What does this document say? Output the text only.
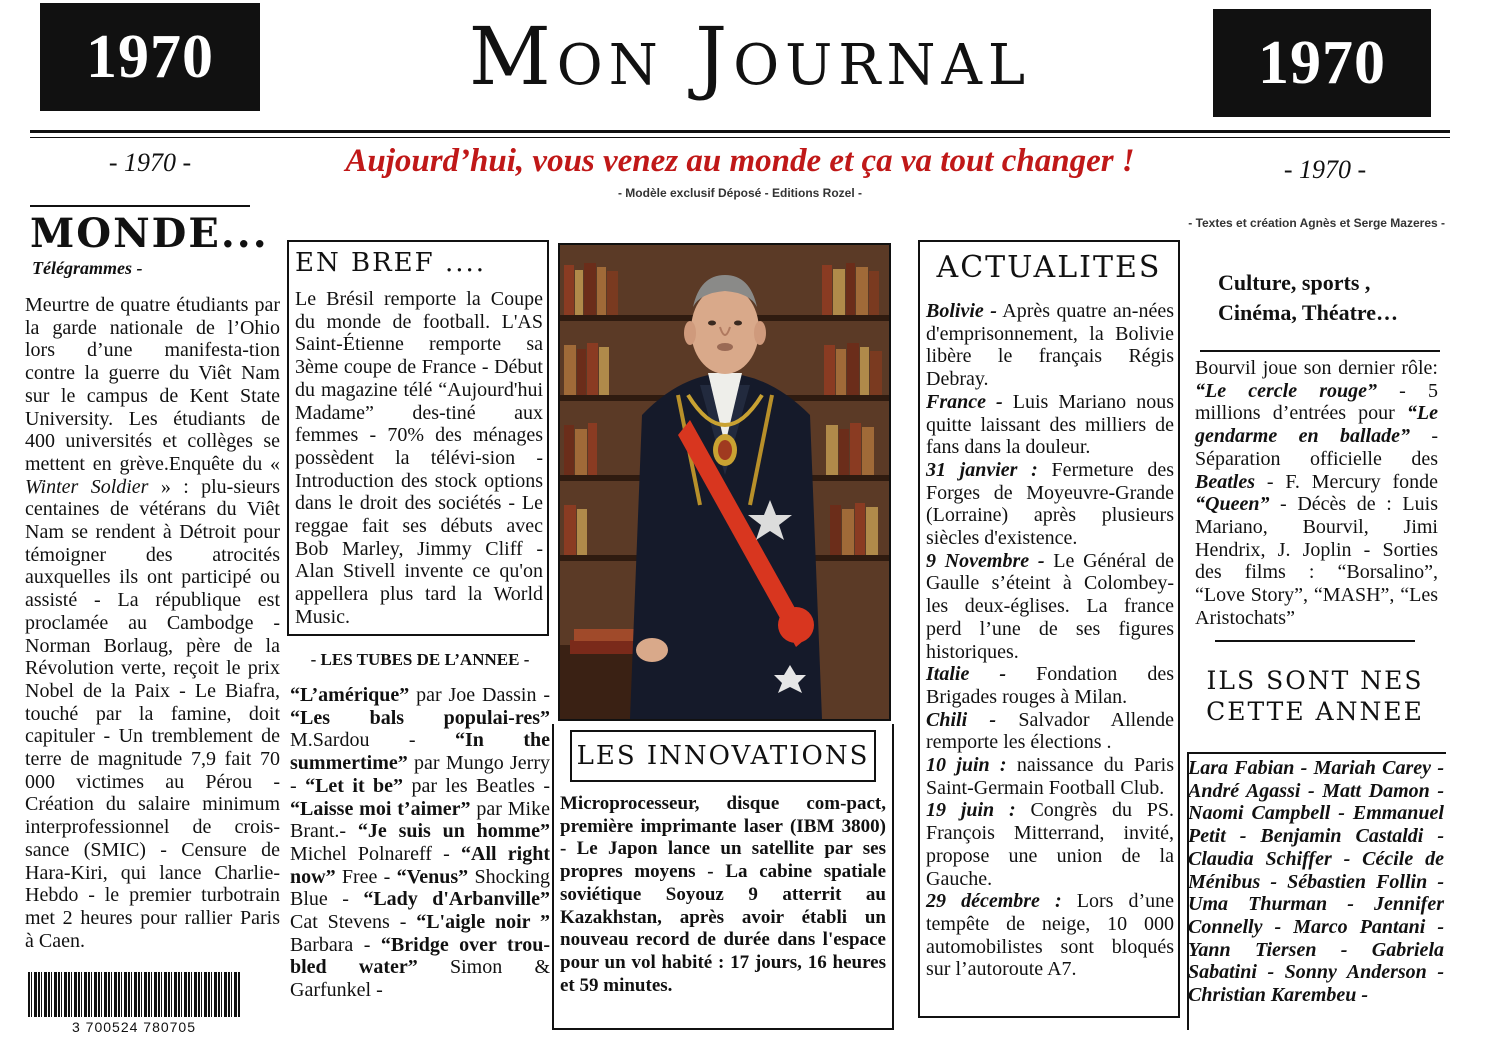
1970	Mon Journal	1970
- 1970 -	Aujourd’hui, vous venez au monde et ça va tout changer !	- 1970 -
- Modèle exclusif Déposé - Editions Rozel -
- Textes et création Agnès et Serge Mazeres -
MONDE...
Télégrammes -
Meurtre de quatre étudiants par la garde nationale de l’Ohio lors d’une manifesta-tion contre la guerre du Viêt Nam sur le campus de Kent State University. Les étudiants de 400 universités et collèges se mettent en grève.Enquête du « Winter Soldier » : plu-sieurs centaines de vétérans du Viêt Nam se rendent à Détroit pour témoigner des atrocités auxquelles ils ont participé ou assisté - La république est proclamée au Cambodge - Norman Borlaug, père de la Révolution verte, reçoit le prix Nobel de la Paix - Le Biafra, touché par la famine, doit capituler - Un tremblement de terre de magnitude 7,9 fait 70 000 victimes au Pérou - Création du salaire minimum interprofessionnel de crois-sance (SMIC) - Censure de Hara-Kiri, qui lance Charlie-Hebdo - le premier turbotrain met 2 heures pour rallier Paris à Caen.
3 700524 780705
EN BREF ....
Le Brésil remporte la Coupe du monde de football. L'AS Saint-Étienne remporte sa 3ème coupe de France - Début du magazine télé “Aujourd'hui Madame” des-tiné aux femmes - 70% des ménages possèdent la télévi-sion - Introduction des stock options dans le droit des sociétés - Le reggae fait ses débuts avec Bob Marley, Jimmy Cliff - Alan Stivell invente ce qu'on appellera plus tard la World Music.
- LES TUBES DE L’ANNEE -
“L’amérique” par Joe Dassin - “Les bals populai-res” M.Sardou - “In the summertime” par Mungo Jerry - “Let it be” par les Beatles - “Laisse moi t’aimer” par Mike Brant.- “Je suis un homme” Michel Polnareff - “All right now” Free - “Venus” Shocking Blue - “Lady d'Arbanville” Cat Stevens - “L'aigle noir ” Barbara - “Bridge over trou-bled water” Simon & Garfunkel -
LES INNOVATIONS
Microprocesseur, disque com-pact, première imprimante laser (IBM 3800) - Le Japon lance un satellite par ses propres moyens - La cabine spatiale soviétique Soyouz 9 atterrit au Kazakhstan, après avoir établi un nouveau record de durée dans l'espace pour un vol habité : 17 jours, 16 heures et 59 minutes.
ACTUALITES
Bolivie - Après quatre an-nées d'emprisonnement, la Bolivie libère le français Régis Debray.
France - Luis Mariano nous quitte laissant des milliers de fans dans la douleur.
31 janvier : Fermeture des Forges de Moyeuvre-Grande (Lorraine) après plusieurs siècles d'existence.
9 Novembre - Le Général de Gaulle s’éteint à Colombey-les deux-églises. La france perd l’une de ses figures historiques.
Italie - Fondation des Brigades rouges à Milan.
Chili - Salvador Allende remporte les élections .
10 juin : naissance du Paris Saint-Germain Football Club.
19 juin : Congrès du PS. François Mitterrand, invité, propose une union de la Gauche.
29 décembre : Lors d’une tempête de neige, 10 000 automobilistes sont bloqués sur l’autoroute A7.
Culture, sports , Cinéma, Théatre…
Bourvil joue son dernier rôle: “Le cercle rouge” - 5 millions d’entrées pour “Le gendarme en ballade” - Séparation officielle des Beatles - F. Mercury fonde “Queen” - Décès de : Luis Mariano, Bourvil, Jimi Hendrix, J. Joplin - Sorties des films : “Borsalino”, “Love Story”, “MASH”, “Les Aristochats”
ILS SONT NES
CETTE ANNEE
Lara Fabian - Mariah Carey - André Agassi - Matt Damon - Naomi Campbell - Emmanuel Petit - Benjamin Castaldi - Claudia Schiffer - Cécile de Ménibus - Sébastien Follin - Uma Thurman - Jennifer Connelly - Marco Pantani - Yann Tiersen - Gabriela Sabatini - Sonny Anderson - Christian Karembeu -
